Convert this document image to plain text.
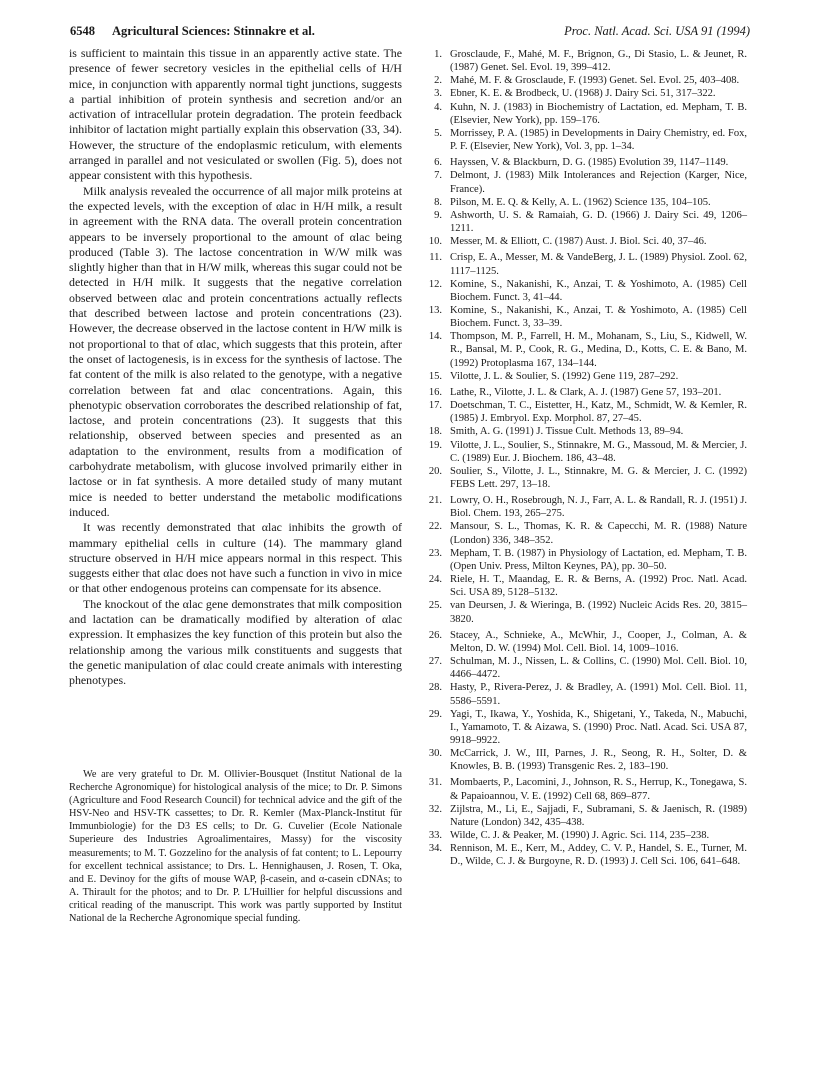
6548 Agricultural Sciences: Stinnakre et al.	Proc. Natl. Acad. Sci. USA 91 (1994)

is sufficient to maintain this tissue in an apparently active state. The presence of fewer secretory vesicles in the epithelial cells of H/H mice, in conjunction with apparently normal tight junctions, suggests a partial inhibition of protein synthesis and secretion and/or an activation of intracellular protein degradation. The protein feedback inhibitor of lactation might partially explain this observation (33, 34). However, the structure of the endoplasmic reticulum, with elements arranged in parallel and not vesiculated or swollen (Fig. 5), does not appear consistent with this hypothesis.

Milk analysis revealed the occurrence of all major milk proteins at the expected levels, with the exception of αlac in H/H milk, a result in agreement with the RNA data. The overall protein concentration appears to be inversely proportional to the amount of αlac being produced (Table 3). The lactose concentration in W/W milk was slightly higher than that in H/W milk, whereas this sugar could not be detected in H/H milk. It suggests that the negative correlation observed between αlac and protein concentrations actually reflects that described between lactose and protein concentrations (23). However, the decrease observed in the lactose content in H/W milk is not proportional to that of αlac, which suggests that this protein, after the onset of lactogenesis, is in excess for the synthesis of lactose. The fat content of the milk is also related to the genotype, with a negative correlation between fat and αlac concentrations. Again, this phenotypic observation corroborates the described relationship of fat, lactose, and protein concentrations (23). It suggests that this relationship, observed between species and presented as an adaptation to the environment, results from a modification of carbohydrate metabolism, with glucose involved primarily either in lactose or in fat synthesis. A more detailed study of many mutant mice is needed to better understand the metabolic modifications induced.

It was recently demonstrated that αlac inhibits the growth of mammary epithelial cells in culture (14). The mammary gland structure observed in H/H mice appears normal in this respect. This suggests either that αlac does not have such a function in vivo in mice or that other endogenous proteins can compensate for its absence.

The knockout of the αlac gene demonstrates that milk composition and lactation can be dramatically modified by alteration of αlac expression. It emphasizes the key function of this protein but also the relationship among the various milk constituents and suggests that the genetic manipulation of αlac could create animals with interesting phenotypes.

We are very grateful to Dr. M. Ollivier-Bousquet (Institut National de la Recherche Agronomique) for histological analysis of the mice; to Dr. P. Simons (Agriculture and Food Research Council) for technical advice and the gift of the HSV-Neo and HSV-TK cassettes; to Dr. R. Kemler (Max-Planck-Institut für Immunbiologie) for the D3 ES cells; to Dr. G. Cuvelier (Ecole Nationale Superieure des Industries Agroalimentaires, Massy) for the viscosity measurements; to M. T. Gozzelino for the analysis of fat content; to L. Lepourry for excellent technical assistance; to Drs. L. Hennighausen, J. Rosen, T. Oka, and E. Devinoy for the gifts of mouse WAP, β-casein, and α-casein cDNAs; to A. Thirault for the photos; and to Dr. P. L'Huillier for helpful discussions and critical reading of the manuscript. This work was partly supported by Institut National de la Recherche Agronomique special funding.

1. Grosclaude, F., Mahé, M. F., Brignon, G., Di Stasio, L. & Jeunet, R. (1987) Genet. Sel. Evol. 19, 399–412.
2. Mahé, M. F. & Grosclaude, F. (1993) Genet. Sel. Evol. 25, 403–408.
3. Ebner, K. E. & Brodbeck, U. (1968) J. Dairy Sci. 51, 317–322.
4. Kuhn, N. J. (1983) in Biochemistry of Lactation, ed. Mepham, T. B. (Elsevier, New York), pp. 159–176.
5. Morrissey, P. A. (1985) in Developments in Dairy Chemistry, ed. Fox, P. F. (Elsevier, New York), Vol. 3, pp. 1–34.
6. Hayssen, V. & Blackburn, D. G. (1985) Evolution 39, 1147–1149.
7. Delmont, J. (1983) Milk Intolerances and Rejection (Karger, Nice, France).
8. Pilson, M. E. Q. & Kelly, A. L. (1962) Science 135, 104–105.
9. Ashworth, U. S. & Ramaiah, G. D. (1966) J. Dairy Sci. 49, 1206–1211.
10. Messer, M. & Elliott, C. (1987) Aust. J. Biol. Sci. 40, 37–46.
11. Crisp, E. A., Messer, M. & VandeBerg, J. L. (1989) Physiol. Zool. 62, 1117–1125.
12. Komine, S., Nakanishi, K., Anzai, T. & Yoshimoto, A. (1985) Cell Biochem. Funct. 3, 41–44.
13. Komine, S., Nakanishi, K., Anzai, T. & Yoshimoto, A. (1985) Cell Biochem. Funct. 3, 33–39.
14. Thompson, M. P., Farrell, H. M., Mohanam, S., Liu, S., Kidwell, W. R., Bansal, M. P., Cook, R. G., Medina, D., Kotts, C. E. & Bano, M. (1992) Protoplasma 167, 134–144.
15. Vilotte, J. L. & Soulier, S. (1992) Gene 119, 287–292.
16. Lathe, R., Vilotte, J. L. & Clark, A. J. (1987) Gene 57, 193–201.
17. Doetschman, T. C., Eistetter, H., Katz, M., Schmidt, W. & Kemler, R. (1985) J. Embryol. Exp. Morphol. 87, 27–45.
18. Smith, A. G. (1991) J. Tissue Cult. Methods 13, 89–94.
19. Vilotte, J. L., Soulier, S., Stinnakre, M. G., Massoud, M. & Mercier, J. C. (1989) Eur. J. Biochem. 186, 43–48.
20. Soulier, S., Vilotte, J. L., Stinnakre, M. G. & Mercier, J. C. (1992) FEBS Lett. 297, 13–18.
21. Lowry, O. H., Rosebrough, N. J., Farr, A. L. & Randall, R. J. (1951) J. Biol. Chem. 193, 265–275.
22. Mansour, S. L., Thomas, K. R. & Capecchi, M. R. (1988) Nature (London) 336, 348–352.
23. Mepham, T. B. (1987) in Physiology of Lactation, ed. Mepham, T. B. (Open Univ. Press, Milton Keynes, PA), pp. 30–50.
24. Riele, H. T., Maandag, E. R. & Berns, A. (1992) Proc. Natl. Acad. Sci. USA 89, 5128–5132.
25. van Deursen, J. & Wieringa, B. (1992) Nucleic Acids Res. 20, 3815–3820.
26. Stacey, A., Schnieke, A., McWhir, J., Cooper, J., Colman, A. & Melton, D. W. (1994) Mol. Cell. Biol. 14, 1009–1016.
27. Schulman, M. J., Nissen, L. & Collins, C. (1990) Mol. Cell. Biol. 10, 4466–4472.
28. Hasty, P., Rivera-Perez, J. & Bradley, A. (1991) Mol. Cell. Biol. 11, 5586–5591.
29. Yagi, T., Ikawa, Y., Yoshida, K., Shigetani, Y., Takeda, N., Mabuchi, I., Yamamoto, T. & Aizawa, S. (1990) Proc. Natl. Acad. Sci. USA 87, 9918–9922.
30. McCarrick, J. W., III, Parnes, J. R., Seong, R. H., Solter, D. & Knowles, B. B. (1993) Transgenic Res. 2, 183–190.
31. Mombaerts, P., Lacomini, J., Johnson, R. S., Herrup, K., Tonegawa, S. & Papaioannou, V. E. (1992) Cell 68, 869–877.
32. Zijlstra, M., Li, E., Sajjadi, F., Subramani, S. & Jaenisch, R. (1989) Nature (London) 342, 435–438.
33. Wilde, C. J. & Peaker, M. (1990) J. Agric. Sci. 114, 235–238.
34. Rennison, M. E., Kerr, M., Addey, C. V. P., Handel, S. E., Turner, M. D., Wilde, C. J. & Burgoyne, R. D. (1993) J. Cell Sci. 106, 641–648.
